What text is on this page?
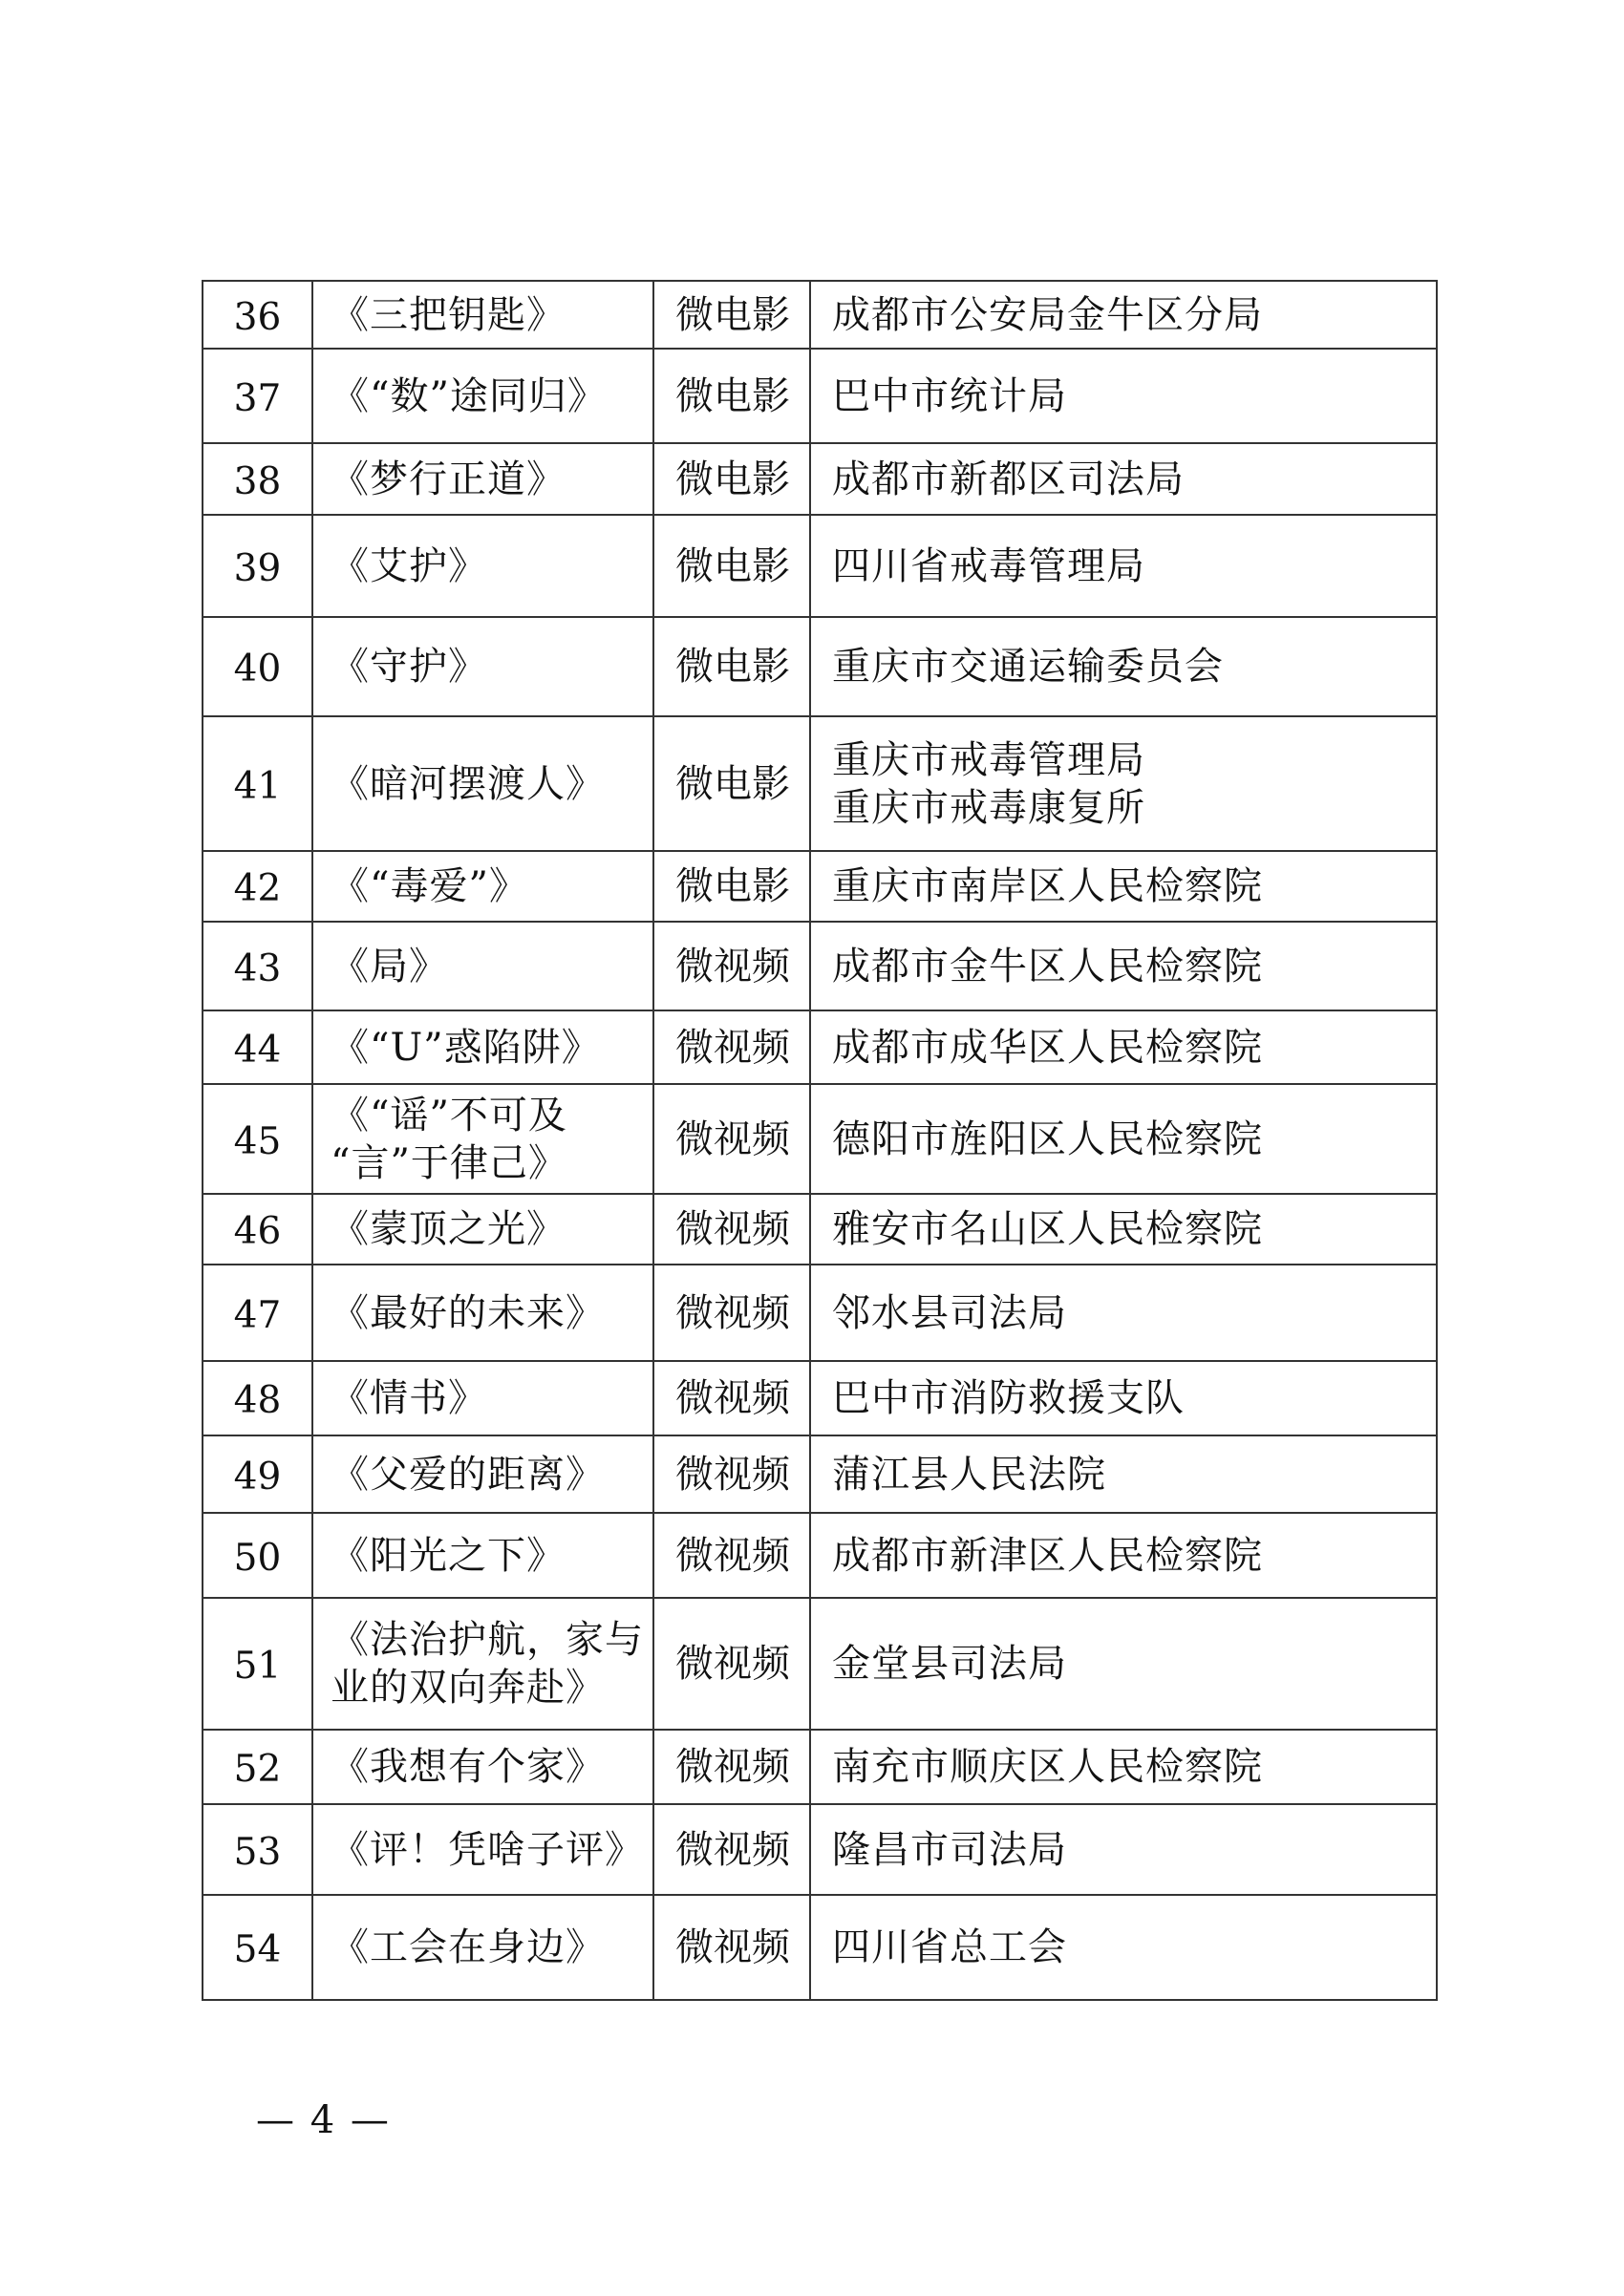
36	《三把钥匙》	微电影	成都市公安局金牛区分局

37	《“数”途同归》	微电影	巴中市统计局

38	《梦行正道》	微电影	成都市新都区司法局

39	《艾护》	微电影	四川省戒毒管理局

40	《守护》	微电影	重庆市交通运输委员会

41	《暗河摆渡人》	微电影	重庆市戒毒管理局
重庆市戒毒康复所

42	《“毒爱”》	微电影	重庆市南岸区人民检察院

43	《局》	微视频	成都市金牛区人民检察院

44	《“U”惑陷阱》	微视频	成都市成华区人民检察院

45	《“谣”不可及
“言”于律己》	微视频	德阳市旌阳区人民检察院

46	《蒙顶之光》	微视频	雅安市名山区人民检察院

47	《最好的未来》	微视频	邻水县司法局

48	《情书》	微视频	巴中市消防救援支队

49	《父爱的距离》	微视频	蒲江县人民法院

50	《阳光之下》	微视频	成都市新津区人民检察院

51	《法治护航，家与
业的双向奔赴》	微视频	金堂县司法局

52	《我想有个家》	微视频	南充市顺庆区人民检察院

53	《评！凭啥子评》	微视频	隆昌市司法局

54	《工会在身边》	微视频	四川省总工会
— 4 —
